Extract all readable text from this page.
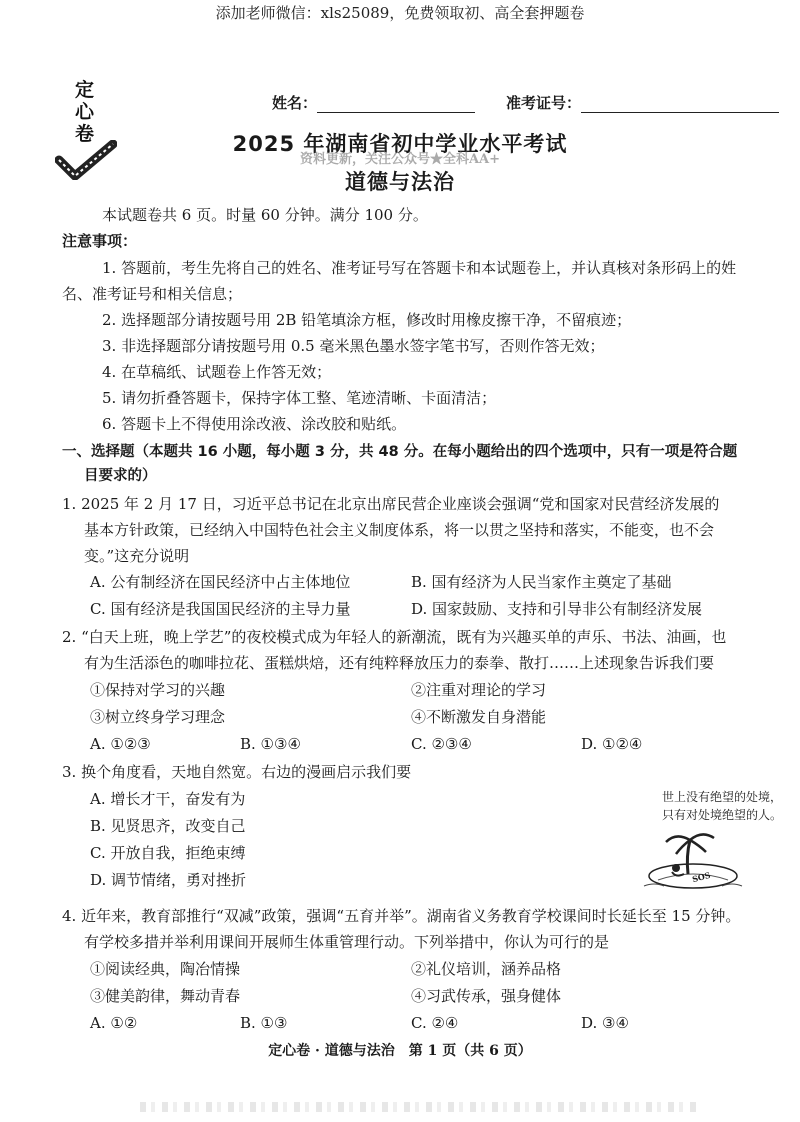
添加老师微信：xls25089，免费领取初、高全套押题卷
定
心
卷
姓名：	准考证号：
2025 年湖南省初中学业水平考试
资料更新，关注公众号★全科AA+
道德与法治
本试题卷共 6 页。时量 60 分钟。满分 100 分。
注意事项：
1. 答题前，考生先将自己的姓名、准考证号写在答题卡和本试题卷上，并认真核对条形码上的姓
名、准考证号和相关信息；
2. 选择题部分请按题号用 2B 铅笔填涂方框，修改时用橡皮擦干净，不留痕迹；
3. 非选择题部分请按题号用 0.5 毫米黑色墨水签字笔书写，否则作答无效；
4. 在草稿纸、试题卷上作答无效；
5. 请勿折叠答题卡，保持字体工整、笔迹清晰、卡面清洁；
6. 答题卡上不得使用涂改液、涂改胶和贴纸。
一、选择题（本题共 16 小题，每小题 3 分，共 48 分。在每小题给出的四个选项中，只有一项是符合题
目要求的）
1. 2025 年 2 月 17 日，习近平总书记在北京出席民营企业座谈会强调“党和国家对民营经济发展的
基本方针政策，已经纳入中国特色社会主义制度体系，将一以贯之坚持和落实，不能变，也不会
变。”这充分说明
A. 公有制经济在国民经济中占主体地位	B. 国有经济为人民当家作主奠定了基础
C. 国有经济是我国国民经济的主导力量	D. 国家鼓励、支持和引导非公有制经济发展
2. “白天上班，晚上学艺”的夜校模式成为年轻人的新潮流，既有为兴趣买单的声乐、书法、油画，也
有为生活添色的咖啡拉花、蛋糕烘焙，还有纯粹释放压力的泰拳、散打……上述现象告诉我们要
①保持对学习的兴趣	②注重对理论的学习
③树立终身学习理念	④不断激发自身潜能
A. ①②③	B. ①③④	C. ②③④	D. ①②④
3. 换个角度看，天地自然宽。右边的漫画启示我们要
A. 增长才干，奋发有为
B. 见贤思齐，改变自己
C. 开放自我，拒绝束缚
D. 调节情绪，勇对挫折
世上没有绝望的处境，
只有对处境绝望的人。
SOS
4. 近年来，教育部推行“双减”政策，强调“五育并举”。湖南省义务教育学校课间时长延长至 15 分钟。
有学校多措并举利用课间开展师生体重管理行动。下列举措中，你认为可行的是
①阅读经典，陶冶情操	②礼仪培训，涵养品格
③健美韵律，舞动青春	④习武传承，强身健体
A. ①②	B. ①③	C. ②④	D. ③④
定心卷 · 道德与法治　第 1 页（共 6 页）
